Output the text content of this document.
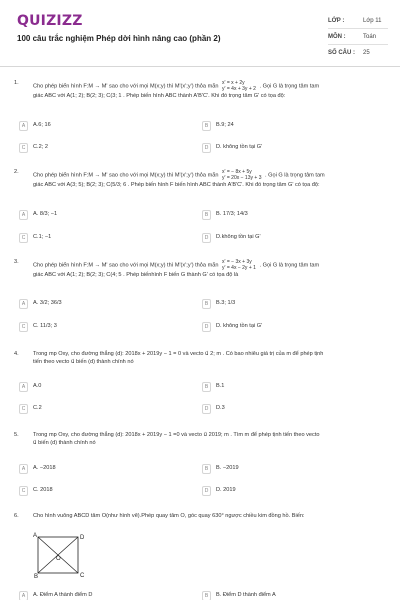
QUIZIZZ
100 câu trắc nghiệm Phép dời hình nâng cao (phần 2)
LỚP :	Lớp 11
MÔN :	Toán
SỐ CÂU :	25
1.
Cho phép biến hình F:M → M' sao cho với mọi M(x;y) thì M'(x';y') thỏa mãn
x' = x + 2y
y' = 4x + 3y + 2 . Gọi G là trọng tâm tam
giác ABC với A(1; 2); B(2; 3); C(3; 1 . Phép biến hình ABC thành A'B'C'. Khi đó trọng tâm G' có tọa độ:
A	A.6; 16	B	B.9; 24
C	C.2; 2	D	D. không tồn tại G'
2.
Cho phép biến hình F:M → M' sao cho với mọi M(x;y) thì M'(x';y') thỏa mãn
x' = − 8x + 5y
y' = 20x − 13y + 3 . Gọi G là trọng tâm tam
giác ABC với A(3; 5); B(2; 3); C(5/3; 6 . Phép biến hình F biến hình ABC thành A'B'C'. Khi đó trọng tâm G' có tọa độ:
A	A. 8/3; −1	B	B. 17/3; 14/3
C	C.1; −1	D	D.không tồn tại G'
3.
Cho phép biến hình F:M → M' sao cho với mọi M(x;y) thì M'(x';y') thỏa mãn
x' = − 3x + 3y
y' = 4x − 2y + 1 . Gọi G là trọng tâm tam
giác ABC với A(1; 2); B(2; 3); C(4; 5 . Phép biếnhình F biến G thành G' có tọa độ là
A	A. 3/2; 36/3	B	B.3; 1/3
C	C. 11/3; 3	D	D. không tồn tại G'
4.	Trong mp Oxy, cho đường thẳng (d): 2018x + 2019y − 1 = 0 và vecto u⃗ 2; m . Có bao nhiêu giá trị của m để phép tịnh
tiến theo vecto u⃗ biến (d) thành chính nó
A	A.0	B	B.1
C	C.2	D	D.3
5.	Trong mp Oxy, cho đường thẳng (d): 2018x + 2019y − 1 =0 và vecto u⃗ 2019; m . Tìm m để phép tịnh tiến theo vecto
u⃗ biến (d) thành chính nó
A	A. −2018	B	B. −2019
C	C. 2018	D	D. 2019
6.	Cho hình vuông ABCD tâm O(như hình vẽ).Phép quay tâm O, góc quay 630° ngược chiều kim đồng hồ. Biến:
A	D
O
B	C
A	A. Điểm A thành điểm D	B	B. Điểm D thành điểm A
